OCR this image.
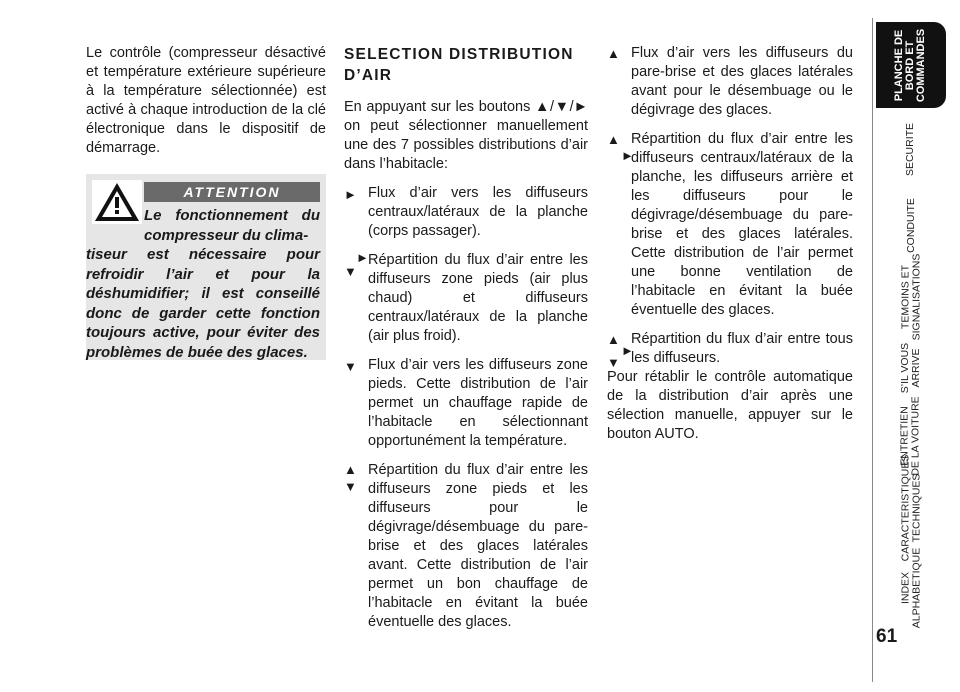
Le contrôle (compresseur désactivé et température extérieure supérieure à la température sélectionnée) est activé à chaque introduction de la clé électronique dans le dispositif de démarrage.

ATTENTION
Le fonctionnement du compresseur du clima-
tiseur est nécessaire pour refroidir l’air et pour la déshumidifier; il est conseillé donc de garder cette fonction toujours active, pour éviter des problèmes de buée des glaces.
SELECTION DISTRIBUTION D’AIR

En appuyant sur les boutons ▲/▼/► on peut sélectionner manuellement une des 7 possibles distributions d’air dans l’habitacle:

► Flux d’air vers les diffuseurs centraux/latéraux de la planche (corps passager).

►
▼

Répartition du flux d’air entre les diffuseurs zone pieds (air plus chaud) et diffuseurs centraux/latéraux de la planche (air plus froid).

▼ Flux d’air vers les diffuseurs zone pieds. Cette distribution de l’air permet un chauffage rapide de l’habitacle en sélectionnant opportunément la température.

▲
▼

Répartition du flux d’air entre les diffuseurs zone pieds et les diffuseurs pour le dégivrage/désembuage du pare-brise et des glaces latérales avant. Cette distribution de l’air permet un bon chauffage de l’habitacle en évitant la buée éventuelle des glaces.

▲ Flux d’air vers les diffuseurs du pare-brise et des glaces latérales avant pour le désembuage ou le dégivrage des glaces.

▲
►

Répartition du flux d’air entre les diffuseurs centraux/latéraux de la planche, les diffuseurs arrière et les diffuseurs pour le dégivrage/désembuage du pare-brise et des glaces latérales. Cette distribution de l’air permet une bonne ventilation de l’habitacle en évitant la buée éventuelle des glaces.

▲
►
▼

Répartition du flux d’air entre tous les diffuseurs.

Pour rétablir le contrôle automatique de la distribution d’air après une sélection manuelle, appuyer sur le bouton AUTO.

PLANCHE DE
BORD ET
COMMANDES
SECURITE
CONDUITE
TEMOINS ET
SIGNALISATIONS
S’IL VOUS
ARRIVE
ENTRETIEN
DE LA VOITURE
CARACTERISTIQUES
TECHNIQUES
INDEX
ALPHABETIQUE
61
